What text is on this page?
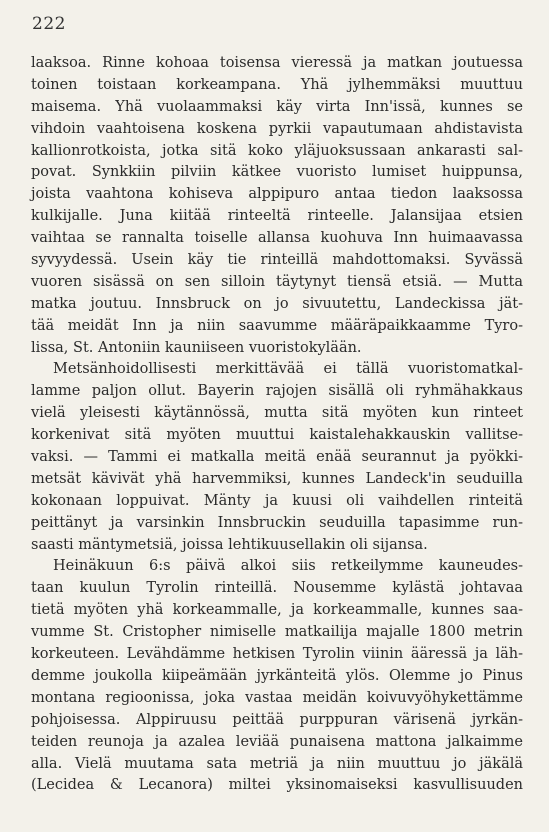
222
laaksoa. Rinne kohoaa toisensa vieressä ja matkan joutuessa
toinen toistaan korkeampana. Yhä jylhemmäksi muuttuu
maisema. Yhä vuolaammaksi käy virta Inn'issä, kunnes se
vihdoin vaahtoisena koskena pyrkii vapautumaan ahdistavista
kallionrotkoista, jotka sitä koko yläjuoksussaan ankarasti sal-
povat. Synkkiin pilviin kätkee vuoristo lumiset huippunsa,
joista vaahtona kohiseva alppipuro antaa tiedon laaksossa
kulkijalle. Juna kiitää rinteeltä rinteelle. Jalansijaa etsien
vaihtaa se rannalta toiselle allansa kuohuva Inn huimaavassa
syvyydessä. Usein käy tie rinteillä mahdottomaksi. Syvässä
vuoren sisässä on sen silloin täytynyt tiensä etsiä. — Mutta
matka joutuu. Innsbruck on jo sivuutettu, Landeckissa jät-
tää meidät Inn ja niin saavumme määräpaikkaamme Tyro-
lissa, St. Antoniin kauniiseen vuoristokylään.
Metsänhoidollisesti merkittävää ei tällä vuoristomatkal-
lamme paljon ollut. Bayerin rajojen sisällä oli ryhmähakkaus
vielä yleisesti käytännössä, mutta sitä myöten kun rinteet
korkenivat sitä myöten muuttui kaistalehakkauskin vallitse-
vaksi. — Tammi ei matkalla meitä enää seurannut ja pyökki-
metsät kävivät yhä harvemmiksi, kunnes Landeck'in seuduilla
kokonaan loppuivat. Mänty ja kuusi oli vaihdellen rinteitä
peittänyt ja varsinkin Innsbruckin seuduilla tapasimme run-
saasti mäntymetsiä, joissa lehtikuusellakin oli sijansa.
Heinäkuun 6:s päivä alkoi siis retkeilymme kauneudes-
taan kuulun Tyrolin rinteillä. Nousemme kylästä johtavaa
tietä myöten yhä korkeammalle, ja korkeammalle, kunnes saa-
vumme St. Cristopher nimiselle matkailija majalle 1800 metrin
korkeuteen. Levähdämme hetkisen Tyrolin viinin ääressä ja läh-
demme joukolla kiipeämään jyrkänteitä ylös. Olemme jo Pinus
montana regioonissa, joka vastaa meidän koivuvyöhykettämme
pohjoisessa. Alppiruusu peittää purppuran värisenä jyrkän-
teiden reunoja ja azalea leviää punaisena mattona jalkaimme
alla. Vielä muutama sata metriä ja niin muuttuu jo jäkälä
(Lecidea & Lecanora) miltei yksinomaiseksi kasvullisuuden
